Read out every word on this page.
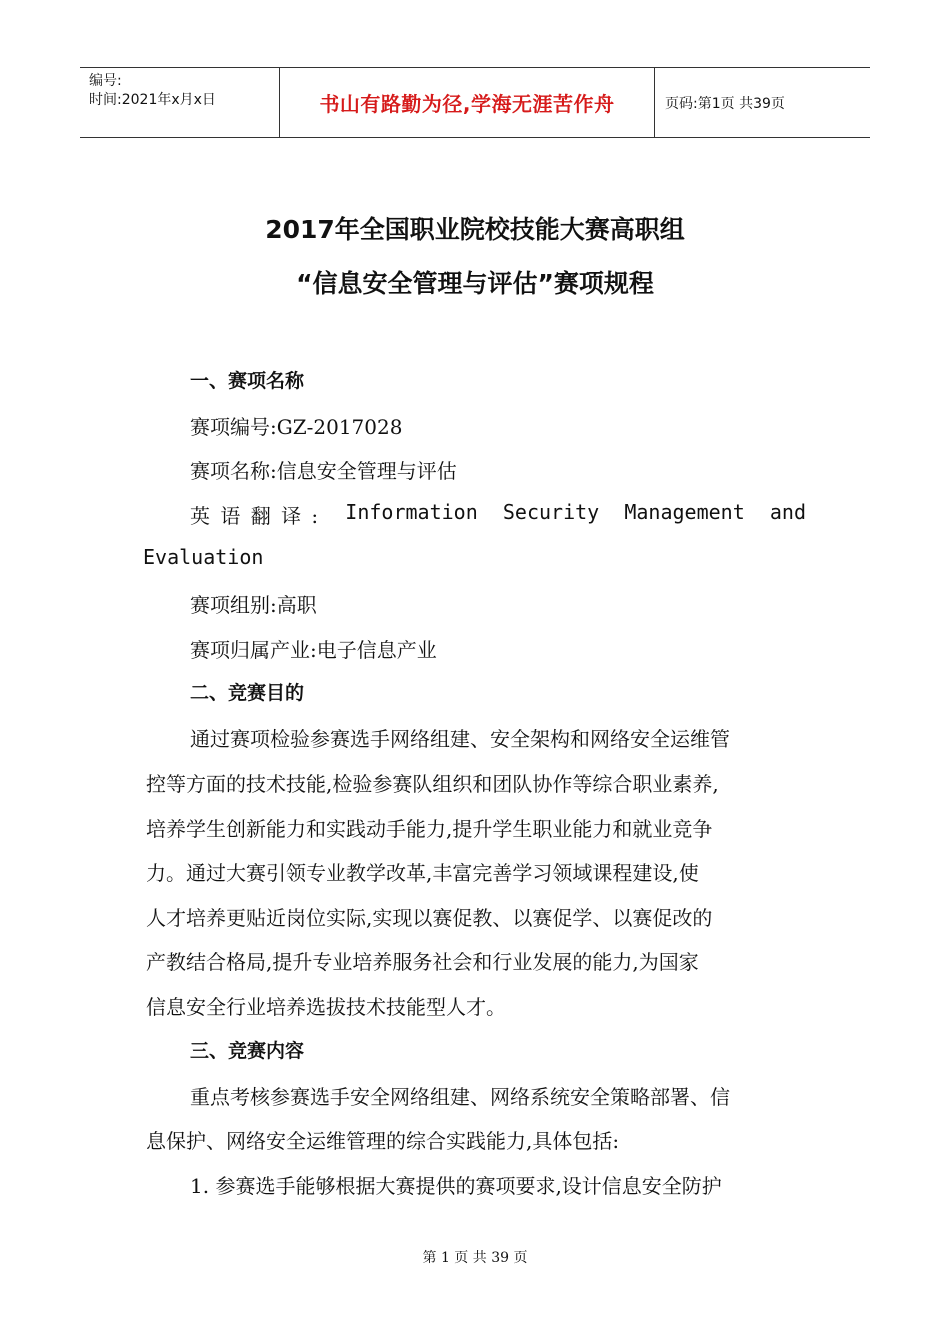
编号:
时间:2021年x月x日	书山有路勤为径,学海无涯苦作舟	页码:第1页 共39页
2017年全国职业院校技能大赛高职组
“信息安全管理与评估”赛项规程
一、赛项名称
赛项编号:GZ-2017028
赛项名称:信息安全管理与评估
英 语 翻 译 : Information Security Management and
Evaluation
赛项组别:高职
赛项归属产业:电子信息产业
二、竞赛目的
通过赛项检验参赛选手网络组建、安全架构和网络安全运维管
控等方面的技术技能,检验参赛队组织和团队协作等综合职业素养,
培养学生创新能力和实践动手能力,提升学生职业能力和就业竞争
力。通过大赛引领专业教学改革,丰富完善学习领域课程建设,使
人才培养更贴近岗位实际,实现以赛促教、以赛促学、以赛促改的
产教结合格局,提升专业培养服务社会和行业发展的能力,为国家
信息安全行业培养选拔技术技能型人才。
三、竞赛内容
重点考核参赛选手安全网络组建、网络系统安全策略部署、信
息保护、网络安全运维管理的综合实践能力,具体包括:
1. 参赛选手能够根据大赛提供的赛项要求,设计信息安全防护
第 1 页 共 39 页
